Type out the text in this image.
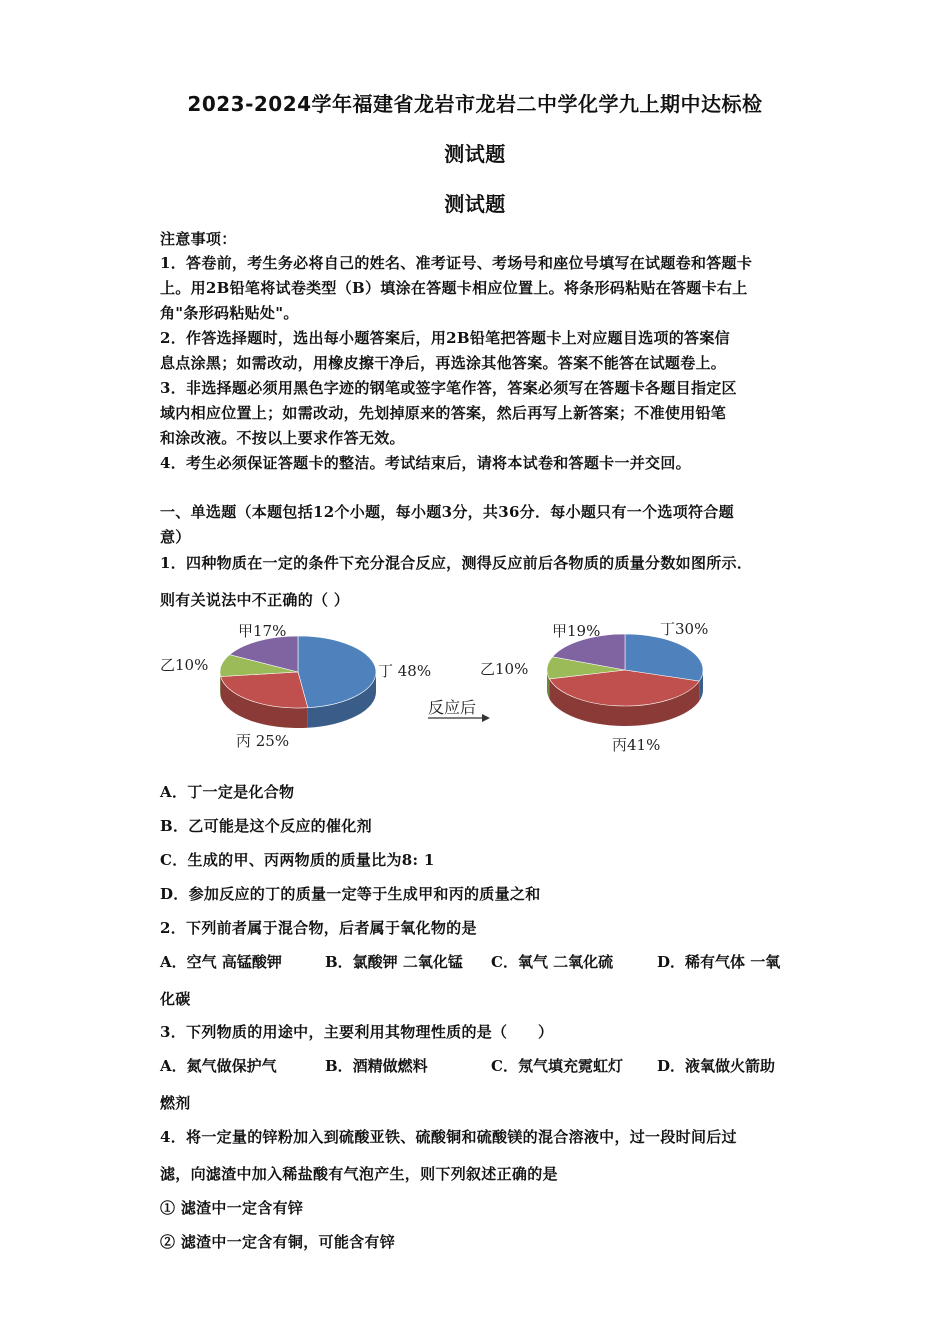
2023-2024学年福建省龙岩市龙岩二中学化学九上期中达标检
测试题
测试题
注意事项：
1．答卷前，考生务必将自己的姓名、准考证号、考场号和座位号填写在试题卷和答题卡
上。用2B铅笔将试卷类型（B）填涂在答题卡相应位置上。将条形码粘贴在答题卡右上
角"条形码粘贴处"。
2．作答选择题时，选出每小题答案后，用2B铅笔把答题卡上对应题目选项的答案信
息点涂黑；如需改动，用橡皮擦干净后，再选涂其他答案。答案不能答在试题卷上。
3．非选择题必须用黑色字迹的钢笔或签字笔作答，答案必须写在答题卡各题目指定区
域内相应位置上；如需改动，先划掉原来的答案，然后再写上新答案；不准使用铅笔
和涂改液。不按以上要求作答无效。
4．考生必须保证答题卡的整洁。考试结束后，请将本试卷和答题卡一并交回。
一、单选题（本题包括12个小题，每小题3分，共36分．每小题只有一个选项符合题
意）
1．四种物质在一定的条件下充分混合反应，测得反应前后各物质的质量分数如图所示．
则有关说法中不正确的（ ）
丁 48%
丙 25%
乙10%
甲17%	丁30%
丙41%
乙10%
甲19%
反应后
A．丁一定是化合物
B．乙可能是这个反应的催化剂
C．生成的甲、丙两物质的质量比为8: 1
D．参加反应的丁的质量一定等于生成甲和丙的质量之和
2．下列前者属于混合物，后者属于氧化物的是
A．空气 高锰酸钾	B．氯酸钾 二氧化锰 C．氧气 二氧化硫	D．稀有气体 一氧
化碳
3．下列物质的用途中，主要利用其物理性质的是（　　）
A．氮气做保护气	B．酒精做燃料	C．氖气填充霓虹灯 D．液氧做火箭助
燃剂
4．将一定量的锌粉加入到硫酸亚铁、硫酸铜和硫酸镁的混合溶液中，过一段时间后过
滤，向滤渣中加入稀盐酸有气泡产生，则下列叙述正确的是
① 滤渣中一定含有锌
② 滤渣中一定含有铜，可能含有锌
